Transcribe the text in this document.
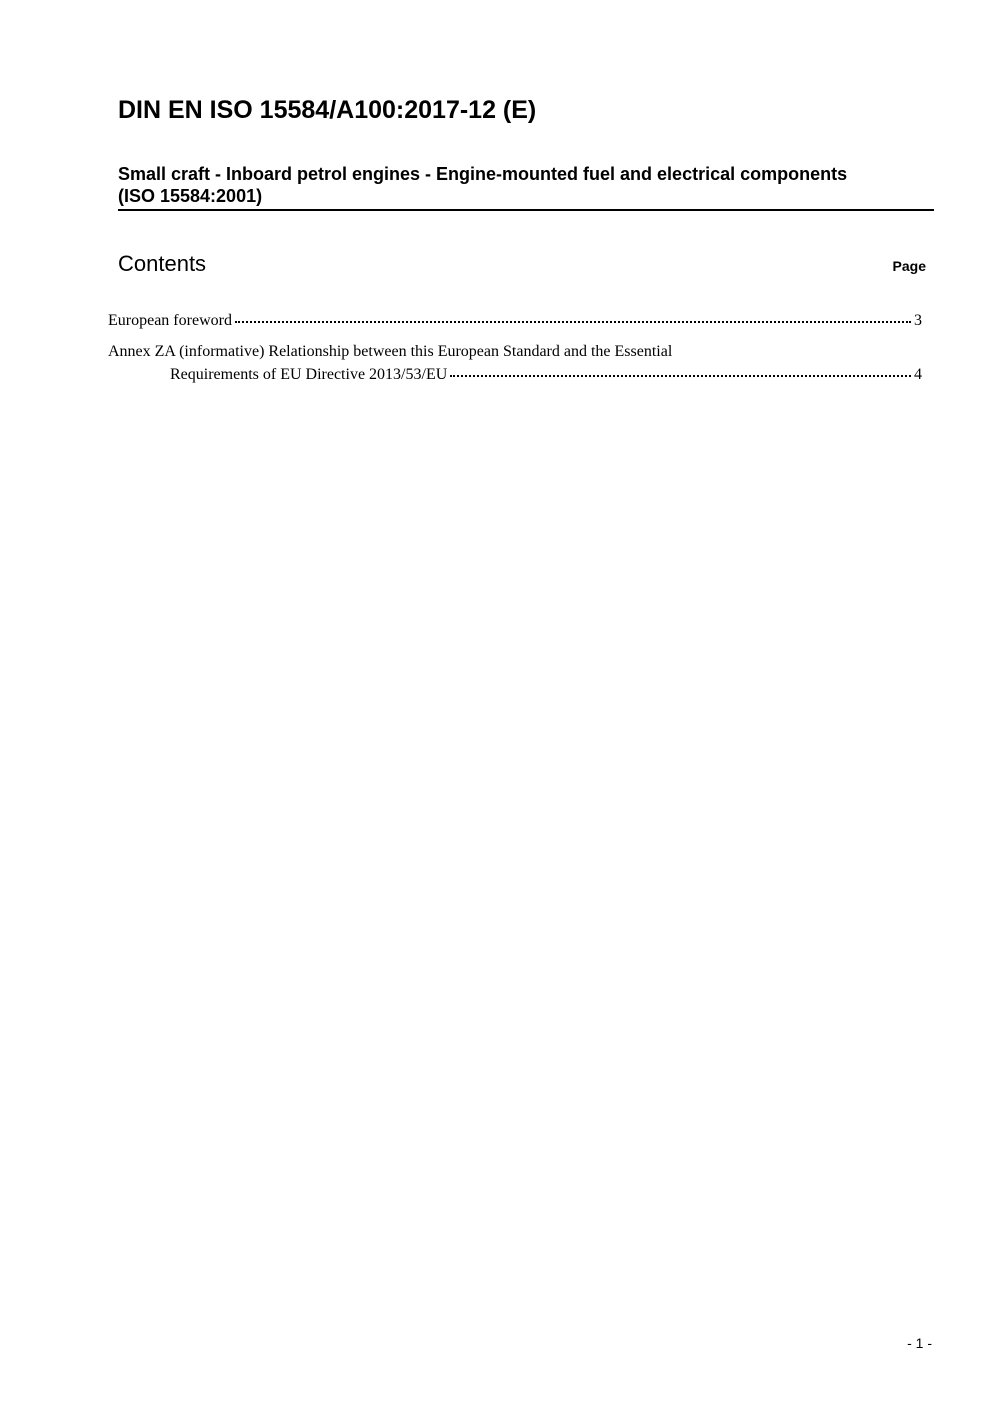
DIN EN ISO 15584/A100:2017-12 (E)
Small craft - Inboard petrol engines - Engine-mounted fuel and electrical components
(ISO 15584:2001)
Contents	Page
European foreword	3
Annex ZA (informative) Relationship between this European Standard and the Essential
Requirements of EU Directive 2013/53/EU	4
- 1 -
